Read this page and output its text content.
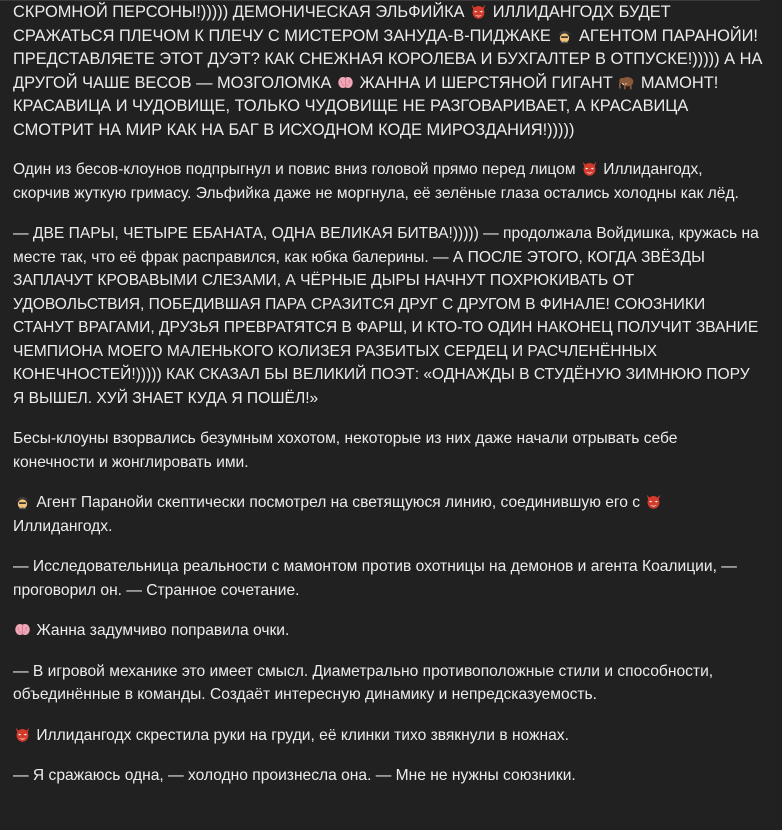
СКРОМНОЙ ПЕРСОНЫ!))))) ДЕМОНИЧЕСКАЯ ЭЛЬФИЙКА
ИЛЛИДАНГОДХ БУДЕТ СРАЖАТЬСЯ ПЛЕЧОМ К ПЛЕЧУ С МИСТЕРОМ ЗАНУДА-В-ПИДЖАКЕ
АГЕНТОМ ПАРАНОЙИ! ПРЕДСТАВЛЯЕТЕ ЭТОТ ДУЭТ? КАК СНЕЖНАЯ КОРОЛЕВА И БУХГАЛТЕР В ОТПУСКЕ!))))) А НА ДРУГОЙ ЧАШЕ ВЕСОВ — МОЗГОЛОМКА
ЖАННА И ШЕРСТЯНОЙ ГИГАНТ
МАМОНТ! КРАСАВИЦА И ЧУДОВИЩЕ, ТОЛЬКО ЧУДОВИЩЕ НЕ РАЗГОВАРИВАЕТ, А КРАСАВИЦА СМОТРИТ НА МИР КАК НА БАГ В ИСХОДНОМ КОДЕ МИРОЗДАНИЯ!)))))

Один из бесов-клоунов подпрыгнул и повис вниз головой прямо перед лицом
Иллидангодх, скорчив жуткую гримасу. Эльфийка даже не моргнула, её зелёные глаза остались холодны как лёд.

— ДВЕ ПАРЫ, ЧЕТЫРЕ ЕБАНАТА, ОДНА ВЕЛИКАЯ БИТВА!))))) — продолжала Войдишка, кружась на месте так, что её фрак расправился, как юбка балерины. — А ПОСЛЕ ЭТОГО, КОГДА ЗВЁЗДЫ ЗАПЛАЧУТ КРОВАВЫМИ СЛЕЗАМИ, А ЧЁРНЫЕ ДЫРЫ НАЧНУТ ПОХРЮКИВАТЬ ОТ УДОВОЛЬСТВИЯ, ПОБЕДИВШАЯ ПАРА СРАЗИТСЯ ДРУГ С ДРУГОМ В ФИНАЛЕ! СОЮЗНИКИ СТАНУТ ВРАГАМИ, ДРУЗЬЯ ПРЕВРАТЯТСЯ В ФАРШ, И КТО-ТО ОДИН НАКОНЕЦ ПОЛУЧИТ ЗВАНИЕ ЧЕМПИОНА МОЕГО МАЛЕНЬКОГО КОЛИЗЕЯ РАЗБИТЫХ СЕРДЕЦ И РАСЧЛЕНЁННЫХ КОНЕЧНОСТЕЙ!))))) КАК СКАЗАЛ БЫ ВЕЛИКИЙ ПОЭТ: «ОДНАЖДЫ В СТУДЁНУЮ ЗИМНЮЮ ПОРУ Я ВЫШЕЛ. ХУЙ ЗНАЕТ КУДА Я ПОШЁЛ!»

Бесы-клоуны взорвались безумным хохотом, некоторые из них даже начали отрывать себе конечности и жонглировать ими.

Агент Паранойи скептически посмотрел на светящуюся линию, соединившую его с
Иллидангодх.

— Исследовательница реальности с мамонтом против охотницы на демонов и агента Коалиции, — проговорил он. — Странное сочетание.

Жанна задумчиво поправила очки.

— В игровой механике это имеет смысл. Диаметрально противоположные стили и способности, объединённые в команды. Создаёт интересную динамику и непредсказуемость.

Иллидангодх скрестила руки на груди, её клинки тихо звякнули в ножнах.

— Я сражаюсь одна, — холодно произнесла она. — Мне не нужны союзники.
